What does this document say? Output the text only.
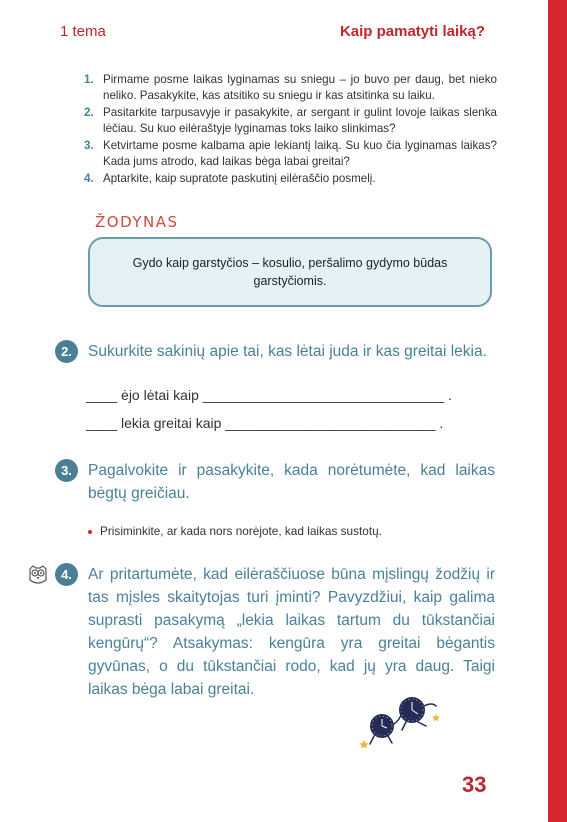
1 tema	Kaip pamatyti laiką?
1. Pirmame posme laikas lyginamas su sniegu – jo buvo per daug, bet nieko neliko. Pasakykite, kas atsitiko su sniegu ir kas atsitinka su laiku.
2. Pasitarkite tarpusavyje ir pasakykite, ar sergant ir gulint lovoje laikas slenka lėčiau. Su kuo eilėraštyje lyginamas toks laiko slinkimas?
3. Ketvirtame posme kalbama apie lekiantį laiką. Su kuo čia lyginamas laikas? Kada jums atrodo, kad laikas bėga labai greitai?
4. Aptarkite, kaip supratote paskutinį eilėraščio posmelį.
ŽODYNAS
Gydo kaip garstyčios – kosulio, peršalimo gydymo būdas garstyčiomis.
2.	Sukurkite sakinių apie tai, kas lėtai juda ir kas greitai lekia.
____ ėjo lėtai kaip _______________________________ .
____ lekia greitai kaip ___________________________ .
3.	Pagalvokite ir pasakykite, kada norėtumėte, kad laikas bėgtų greičiau.
Prisiminkite, ar kada nors norėjote, kad laikas sustotų.
4.	Ar pritartumėte, kad eilėraščiuose būna mįslingų žodžių ir tas mįsles skaitytojas turi įminti? Pavyzdžiui, kaip galima suprasti pasakymą „lekia laikas tartum du tūkstančiai kengūrų“? Atsakymas: kengūra yra greitai bėgantis gyvūnas, o du tūkstančiai rodo, kad jų yra daug. Taigi laikas bėga labai greitai.
33
